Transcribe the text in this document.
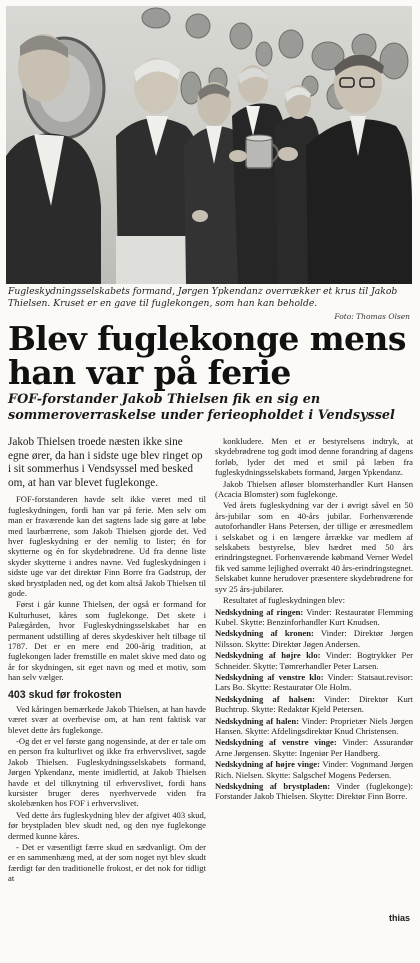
Fugleskydningsselskabets formand, Jørgen Ypkendanz overrækker et krus til Jakob Thielsen. Kruset er en gave til fuglekongen, som han kan beholde.
Foto: Thomas Olsen
Blev fuglekonge mens han var på ferie
FOF-forstander Jakob Thielsen fik en sig en sommeroverraskelse under ferieopholdet i Vendsyssel

Jakob Thielsen troede næsten ikke sine egne ører, da han i sidste uge blev ringet op i sit sommerhus i Vendsyssel med besked om, at han var blevet fuglekonge.

FOF-forstanderen havde selt ikke været med til fugleskydningen, fordi han var på ferie. Men selv om man er fraværende kan det sagtens lade sig gøre at løbe med laurbærrene, som Jakob Thielsen gjorde det. Ved hver fugleskydning er der nemlig to lister; én for skytterne og én for skydebrødrene. Ud fra denne liste skyder skytterne i andres navne. Ved fugleskydningen i sidste uge var det direktør Finn Borre fra Gadstrup, der skød brystpladen ned, og det kom altså Jakob Thielsen til gode.

Først i går kunne Thielsen, der også er formand for Kulturhuset, kåres som fuglekonge. Det skete i Palægården, hvor Fugleskydningsselskabet har en permanent udstilling af deres skydeskiver helt tilbage til 1787. Det er en mere end 200-årig tradition, at fuglekongen lader fremstille en malet skive med dato og år for skydningen, sit eget navn og med et motiv, som han selv vælger.

403 skud før frokosten

Ved kåringen bemærkede Jakob Thielsen, at han havde været svær at overbevise om, at han rent faktisk var blevet dette års fuglekonge.

-Og det er vel første gang nogensinde, at der er tale om en person fra kulturlivet og ikke fra erhvervslivet, sagde Jakob Thielsen. Fugleskydningsselskabets formand, Jørgen Ypkendanz, mente imidlertid, at Jakob Thielsen havde et del tilknytning til erhvervslivet, fordi hans kursister bruger deres nyerhvervede viden fra skolebænken hos FOF i erhvervslivet.

Ved dette års fugleskydning blev der afgivet 403 skud, før brystpladen blev skudt ned, og den nye fuglekonge dermed kunne kåres.

- Det er væsentligt færre skud en sædvanligt. Om der er en sammenhæng med, at der som noget nyt blev skudt færdigt før den traditionelle frokost, er det nok for tidligt at

konkludere. Men et er bestyrelsens indtryk, at skydebrødrene tog godt imod denne forandring af dagens forløb, lyder det med et smil på læben fra fugleskydningsselskabets formand, Jørgen Ypkendanz.

Jakob Thielsen afløser blomsterhandler Kurt Hansen (Acacia Blomster) som fuglekonge.

Ved årets fugleskydning var der i øvrigt såvel en 50 års-jubilar som en 40-års jubilar. Forhenværende autoforhandler Hans Petersen, der tillige er æresmedlem i selskabet og i en længere årrække var medlem af selskabets bestyrelse, blev hædret med 50 års erindringstegnet. Forhenværende købmand Verner Wedel fik ved samme lejlighed overrakt 40 års-erindringstegnet. Selskabet kunne herudover præsentere skydebrødrene for syv 25 års-jubilarer.

Resultatet af fugleskydningen blev:

Nedskydning af ringen: Vinder: Restauratør Flemming Kubel. Skytte: Benzinforhandler Kurt Knudsen.

Nedskydning af kronen: Vinder: Direktør Jørgen Nilsson. Skytte: Direktør Jøgen Andersen.

Nedskydning af højre klo: Vinder: Bogtrykker Per Schneider. Skytte: Tømrerhandler Peter Larsen.

Nedskydning af venstre klo: Vinder: Statsaut.revisor: Lars Bo. Skytte: Restauratør Ole Holm.

Nedskydning af halsen: Vinder: Direktør Kurt Buchtrup. Skytte: Redaktør Kjeld Petersen.

Nedskydning af halen: Vinder: Proprietær Niels Jørgen Hansen. Skytte: Afdelingsdirektør Knud Christensen.

Nedskydning af venstre vinge: Vinder: Assurandør Arne Jørgensen. Skytte: Ingeniør Per Handberg.

Nedskydning af højre vinge: Vinder: Vognmand Jørgen Rich. Nielsen. Skytte: Salgschef Mogens Pedersen.

Nedskydning af brystpladen: Vinder (fuglekonge): Forstander Jakob Thielsen. Skytte: Direktør Finn Borre.

thias
